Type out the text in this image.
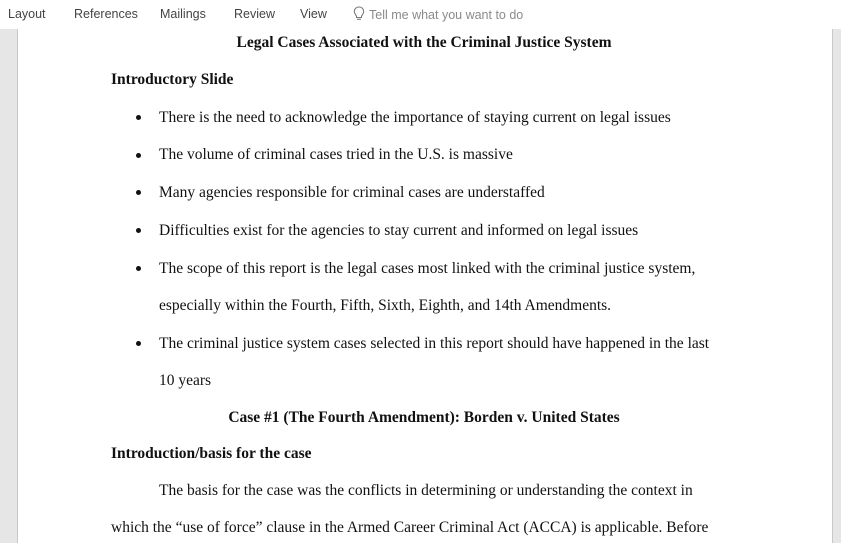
Layout References Mailings Review View	Tell me what you want to do
Legal Cases Associated with the Criminal Justice System
Introductory Slide
There is the need to acknowledge the importance of staying current on legal issues
The volume of criminal cases tried in the U.S. is massive
Many agencies responsible for criminal cases are understaffed
Difficulties exist for the agencies to stay current and informed on legal issues
The scope of this report is the legal cases most linked with the criminal justice system,
especially within the Fourth, Fifth, Sixth, Eighth, and 14th Amendments.
The criminal justice system cases selected in this report should have happened in the last
10 years
Case #1 (The Fourth Amendment): Borden v. United States
Introduction/basis for the case
The basis for the case was the conflicts in determining or understanding the context in
which the “use of force” clause in the Armed Career Criminal Act (ACCA) is applicable. Before
